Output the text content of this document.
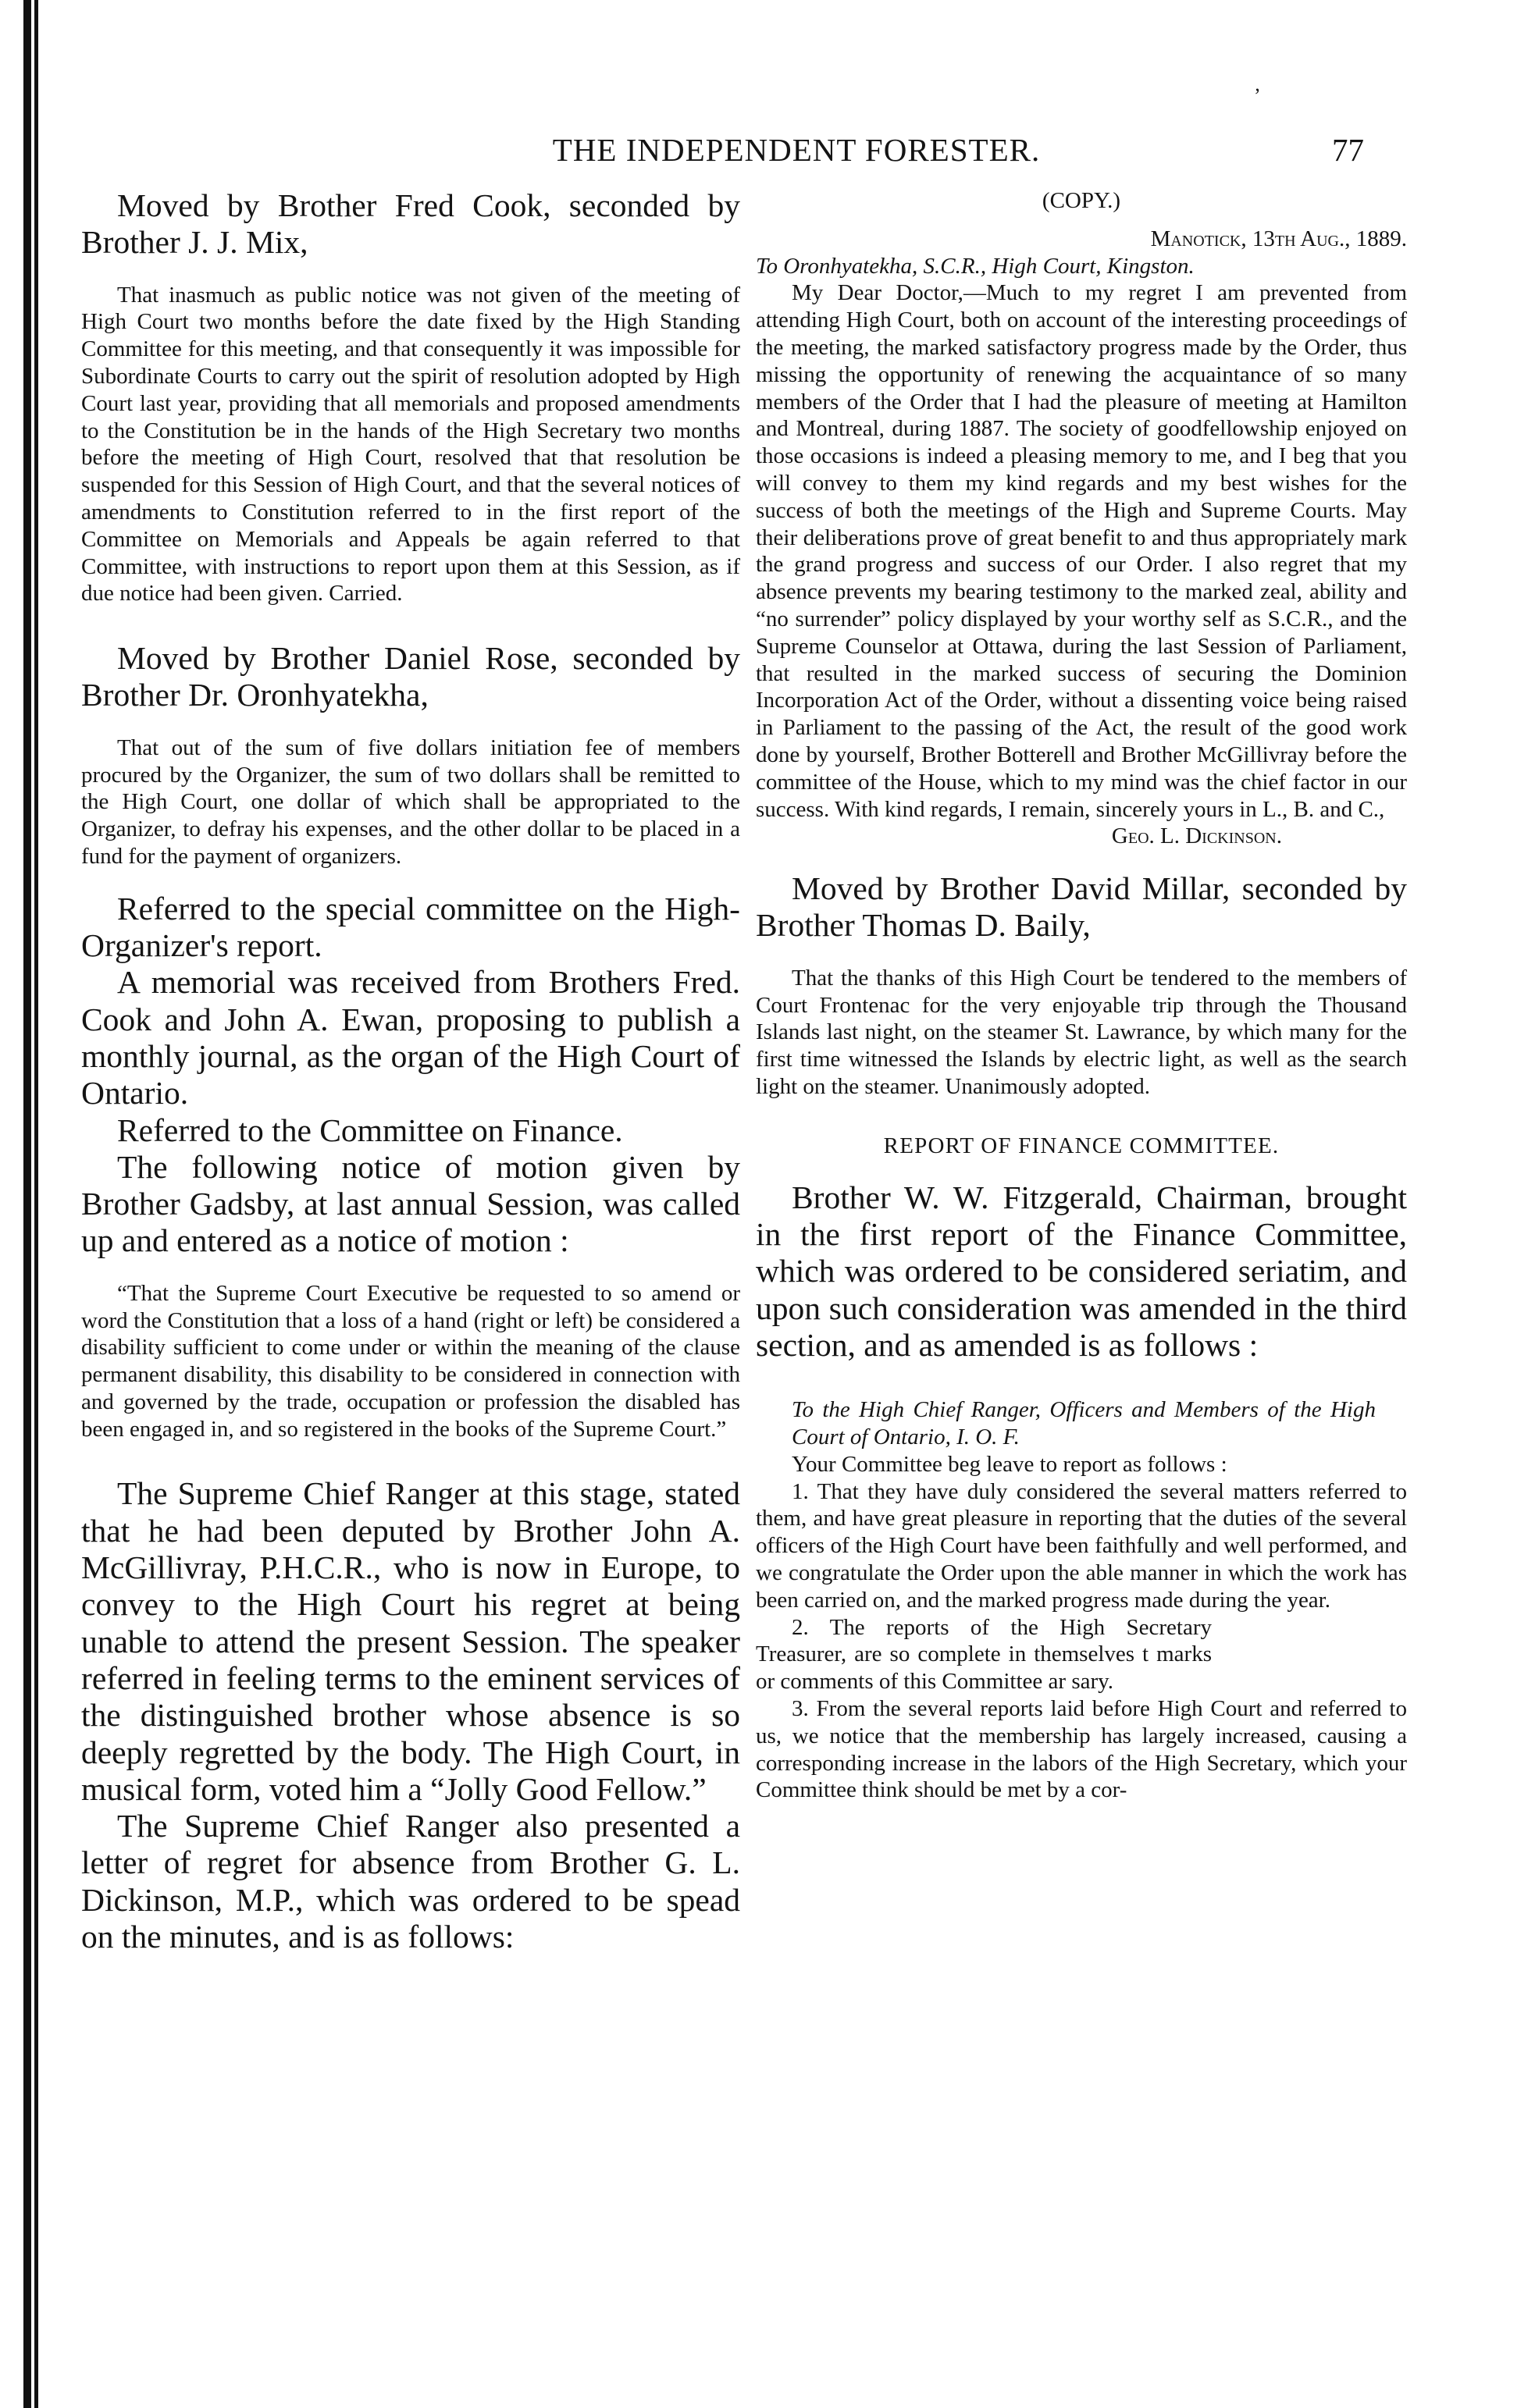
THE INDEPENDENT FORESTER.	77

Moved by Brother Fred Cook, seconded by Brother J. J. Mix,

That inasmuch as public notice was not given of the meeting of High Court two months before the date fixed by the High Standing Committee for this meeting, and that consequently it was impossible for Subordinate Courts to carry out the spirit of resolution adopted by High Court last year, providing that all memorials and proposed amendments to the Constitution be in the hands of the High Secretary two months before the meeting of High Court, resolved that that resolution be suspended for this Session of High Court, and that the several notices of amendments to Constitution referred to in the first report of the Committee on Memorials and Appeals be again referred to that Committee, with instructions to report upon them at this Session, as if due notice had been given. Carried.

Moved by Brother Daniel Rose, seconded by Brother Dr. Oronhyatekha,

That out of the sum of five dollars initiation fee of members procured by the Organizer, the sum of two dollars shall be remitted to the High Court, one dollar of which shall be appropriated to the Organizer, to defray his expenses, and the other dollar to be placed in a fund for the payment of organizers.

Referred to the special committee on the High-Organizer's report.

A memorial was received from Brothers Fred. Cook and John A. Ewan, proposing to publish a monthly journal, as the organ of the High Court of Ontario.

Referred to the Committee on Finance.

The following notice of motion given by Brother Gadsby, at last annual Session, was called up and entered as a notice of motion :

“That the Supreme Court Executive be requested to so amend or word the Constitution that a loss of a hand (right or left) be considered a disability sufficient to come under or within the meaning of the clause permanent disability, this disability to be considered in connection with and governed by the trade, occupation or profession the disabled has been engaged in, and so registered in the books of the Supreme Court.”

The Supreme Chief Ranger at this stage, stated that he had been deputed by Brother John A. McGillivray, P.H.C.R., who is now in Europe, to convey to the High Court his regret at being unable to attend the present Session. The speaker referred in feeling terms to the eminent services of the distinguished brother whose absence is so deeply regretted by the body. The High Court, in musical form, voted him a “Jolly Good Fellow.”

The Supreme Chief Ranger also presented a letter of regret for absence from Brother G. L. Dickinson, M.P., which was ordered to be spead on the minutes, and is as follows:

(COPY.)

Manotick, 13th Aug., 1889.

To Oronhyatekha, S.C.R., High Court, Kingston.

My Dear Doctor,—Much to my regret I am prevented from attending High Court, both on account of the interesting proceedings of the meeting, the marked satisfactory progress made by the Order, thus missing the opportunity of renewing the acquaintance of so many members of the Order that I had the pleasure of meeting at Hamilton and Montreal, during 1887. The society of goodfellowship enjoyed on those occasions is indeed a pleasing memory to me, and I beg that you will convey to them my kind regards and my best wishes for the success of both the meetings of the High and Supreme Courts. May their deliberations prove of great benefit to and thus appropriately mark the grand progress and success of our Order. I also regret that my absence prevents my bearing testimony to the marked zeal, ability and “no surrender” policy displayed by your worthy self as S.C.R., and the Supreme Counselor at Ottawa, during the last Session of Parliament, that resulted in the marked success of securing the Dominion Incorporation Act of the Order, without a dissenting voice being raised in Parliament to the passing of the Act, the result of the good work done by yourself, Brother Botterell and Brother McGillivray before the committee of the House, which to my mind was the chief factor in our success. With kind regards, I remain, sincerely yours in L., B. and C.,

Geo. L. Dickinson.

Moved by Brother David Millar, seconded by Brother Thomas D. Baily,

That the thanks of this High Court be tendered to the members of Court Frontenac for the very enjoyable trip through the Thousand Islands last night, on the steamer St. Lawrance, by which many for the first time witnessed the Islands by electric light, as well as the search light on the steamer. Unanimously adopted.

REPORT OF FINANCE COMMITTEE.

Brother W. W. Fitzgerald, Chairman, brought in the first report of the Finance Committee, which was ordered to be considered seriatim, and upon such consideration was amended in the third section, and as amended is as follows :

To the High Chief Ranger, Officers and Members of the High Court of Ontario, I. O. F.

Your Committee beg leave to report as follows :

1. That they have duly considered the several matters referred to them, and have great pleasure in reporting that the duties of the several officers of the High Court have been faithfully and well performed, and we congratulate the Order upon the able manner in which the work has been carried on, and the marked progress made during the year.

2. The reports of the High Secretary Treasurer, are so complete in themselves t marks or comments of this Committee ar sary.

3. From the several reports laid before High Court and referred to us, we notice that the membership has largely increased, causing a corresponding increase in the labors of the High Secretary, which your Committee think should be met by a cor-

’
